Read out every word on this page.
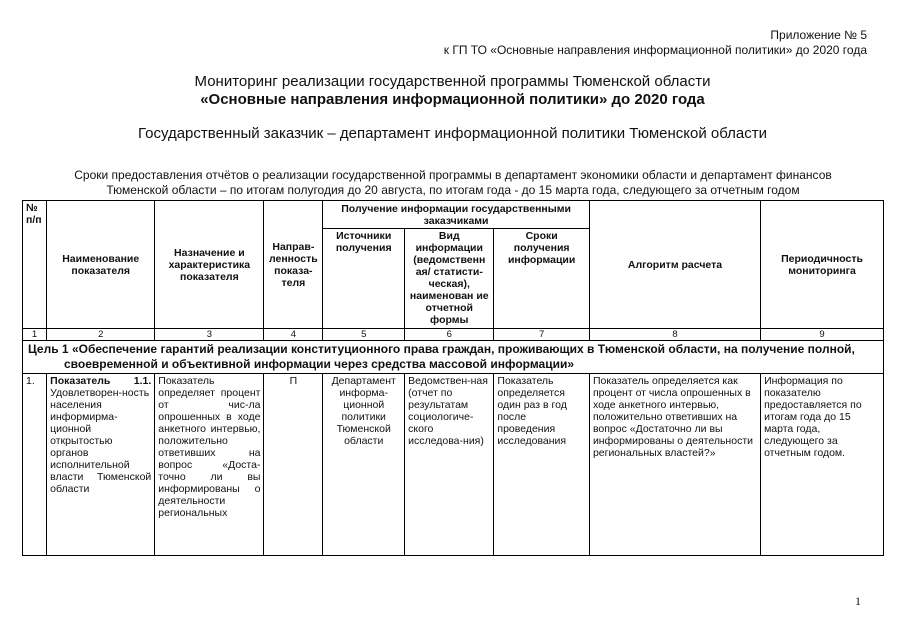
Приложение № 5
к ГП ТО «Основные направления информационной политики» до 2020 года
Мониторинг реализации государственной программы Тюменской области
«Основные направления информационной политики» до 2020 года
Государственный заказчик – департамент информационной политики Тюменской области
Сроки предоставления отчётов о реализации государственной программы в департамент экономики области и департамент финансов
Тюменской области – по итогам полугодия до 20 августа, по итогам года - до 15 марта года, следующего за отчетным годом
№ п/п	Наименование показателя	Назначение и характеристика показателя	Направ-ленность показа-теля	Получение информации государственными заказчиками			Алгоритм расчета	Периодичность мониторинга
				Источники получения	Вид информации (ведомственн ая/ статисти-ческая), наименован ие отчетной формы	Сроки получения информации		
1	2	3	4	5	6	7	8	9

Цель 1 «Обеспечение гарантий реализации конституционного права граждан, проживающих в Тюменской области, на получение полной, своевременной и объективной информации через средства массовой информации»								

1.	Показатель 1.1. Удовлетворен-ность населения информирма-ционной открытостью органов исполнительной власти Тюменской области	Показатель определяет процент от чис-ла опрошенных в ходе анкетного интервью, положительно ответивших на вопрос «Доста-точно ли вы информированы о деятельности региональных	П	Департамент информа-ционной политики Тюменской области	Ведомствен-ная (отчет по результатам социологиче-ского исследова-ния)	Показатель определяется один раз в год после проведения исследования	Показатель определяется как процент от числа опрошенных в ходе анкетного интервью, положительно ответивших на вопрос «Достаточно ли вы информированы о деятельности региональных властей?»	Информация по показателю предоставляется по итогам года до 15 марта года, следующего за отчетным годом.
1
